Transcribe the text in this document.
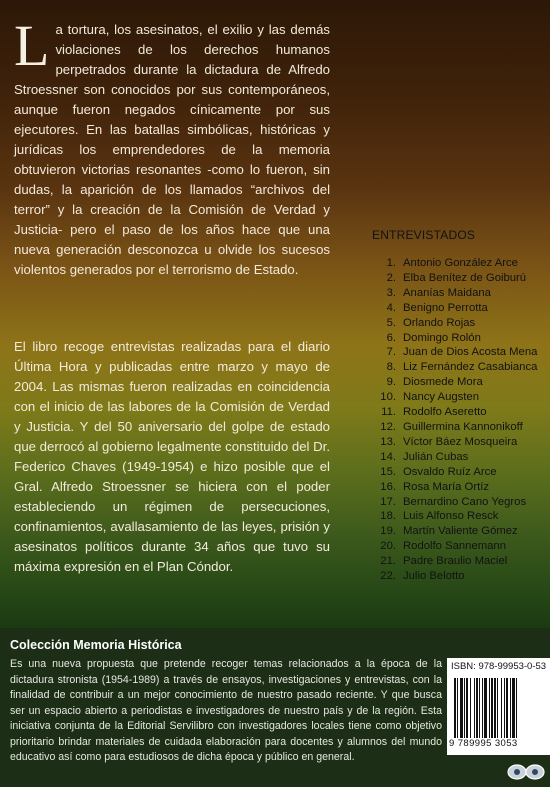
La tortura, los asesinatos, el exilio y las demás violaciones de los derechos humanos perpetrados durante la dictadura de Alfredo Stroessner son conocidos por sus contemporáneos, aunque fueron negados cínicamente por sus ejecutores. En las batallas simbólicas, históricas y jurídicas los emprendedores de la memoria obtuvieron victorias resonantes -como lo fueron, sin dudas, la aparición de los llamados “archivos del terror” y la creación de la Comisión de Verdad y Justicia- pero el paso de los años hace que una nueva generación desconozca u olvide los sucesos violentos generados por el terrorismo de Estado.
El libro recoge entrevistas realizadas para el diario Última Hora y publicadas entre marzo y mayo de 2004. Las mismas fueron realizadas en coincidencia con el inicio de las labores de la Comisión de Verdad y Justicia. Y del 50 aniversario del golpe de estado que derrocó al gobierno legalmente constituido del Dr. Federico Chaves (1949-1954) e hizo posible que el Gral. Alfredo Stroessner se hiciera con el poder estableciendo un régimen de persecuciones, confinamientos, avallasamiento de las leyes, prisión y asesinatos políticos durante 34 años que tuvo su máxima expresión en el Plan Cóndor.
ENTREVISTADOS
1. Antonio González Arce
2. Elba Benítez de Goiburú
3. Ananías Maidana
4. Benigno Perrotta
5. Orlando Rojas
6. Domingo Rolón
7. Juan de Dios Acosta Mena
8. Liz Fernández Casabianca
9. Diosmede Mora
10. Nancy Augsten
11. Rodolfo Aseretto
12. Guillermina Kannonikoff
13. Víctor Báez Mosqueira
14. Julián Cubas
15. Osvaldo Ruíz Arce
16. Rosa María Ortíz
17. Bernardino Cano Yegros
18. Luis Alfonso Resck
19. Martín Valiente Gómez
20. Rodolfo Sannemann
21. Padre Braulio Maciel
22. Julio Belotto
Colección Memoria Histórica
Es una nueva propuesta que pretende recoger temas relacionados a la época de la dictadura stronista (1954-1989) a través de ensayos, investigaciones y entrevistas, con la finalidad de contribuir a un mejor conocimiento de nuestro pasado reciente. Y que busca ser un espacio abierto a periodistas e investigadores de nuestro país y de la región. Esta iniciativa conjunta de la Editorial Servilibro con investigadores locales tiene como objetivo prioritario brindar materiales de cuidada elaboración para docentes y alumnos del mundo educativo así como para estudiosos de dicha época y público en general.
ISBN: 978-99953-0-53
9 789995 3053
